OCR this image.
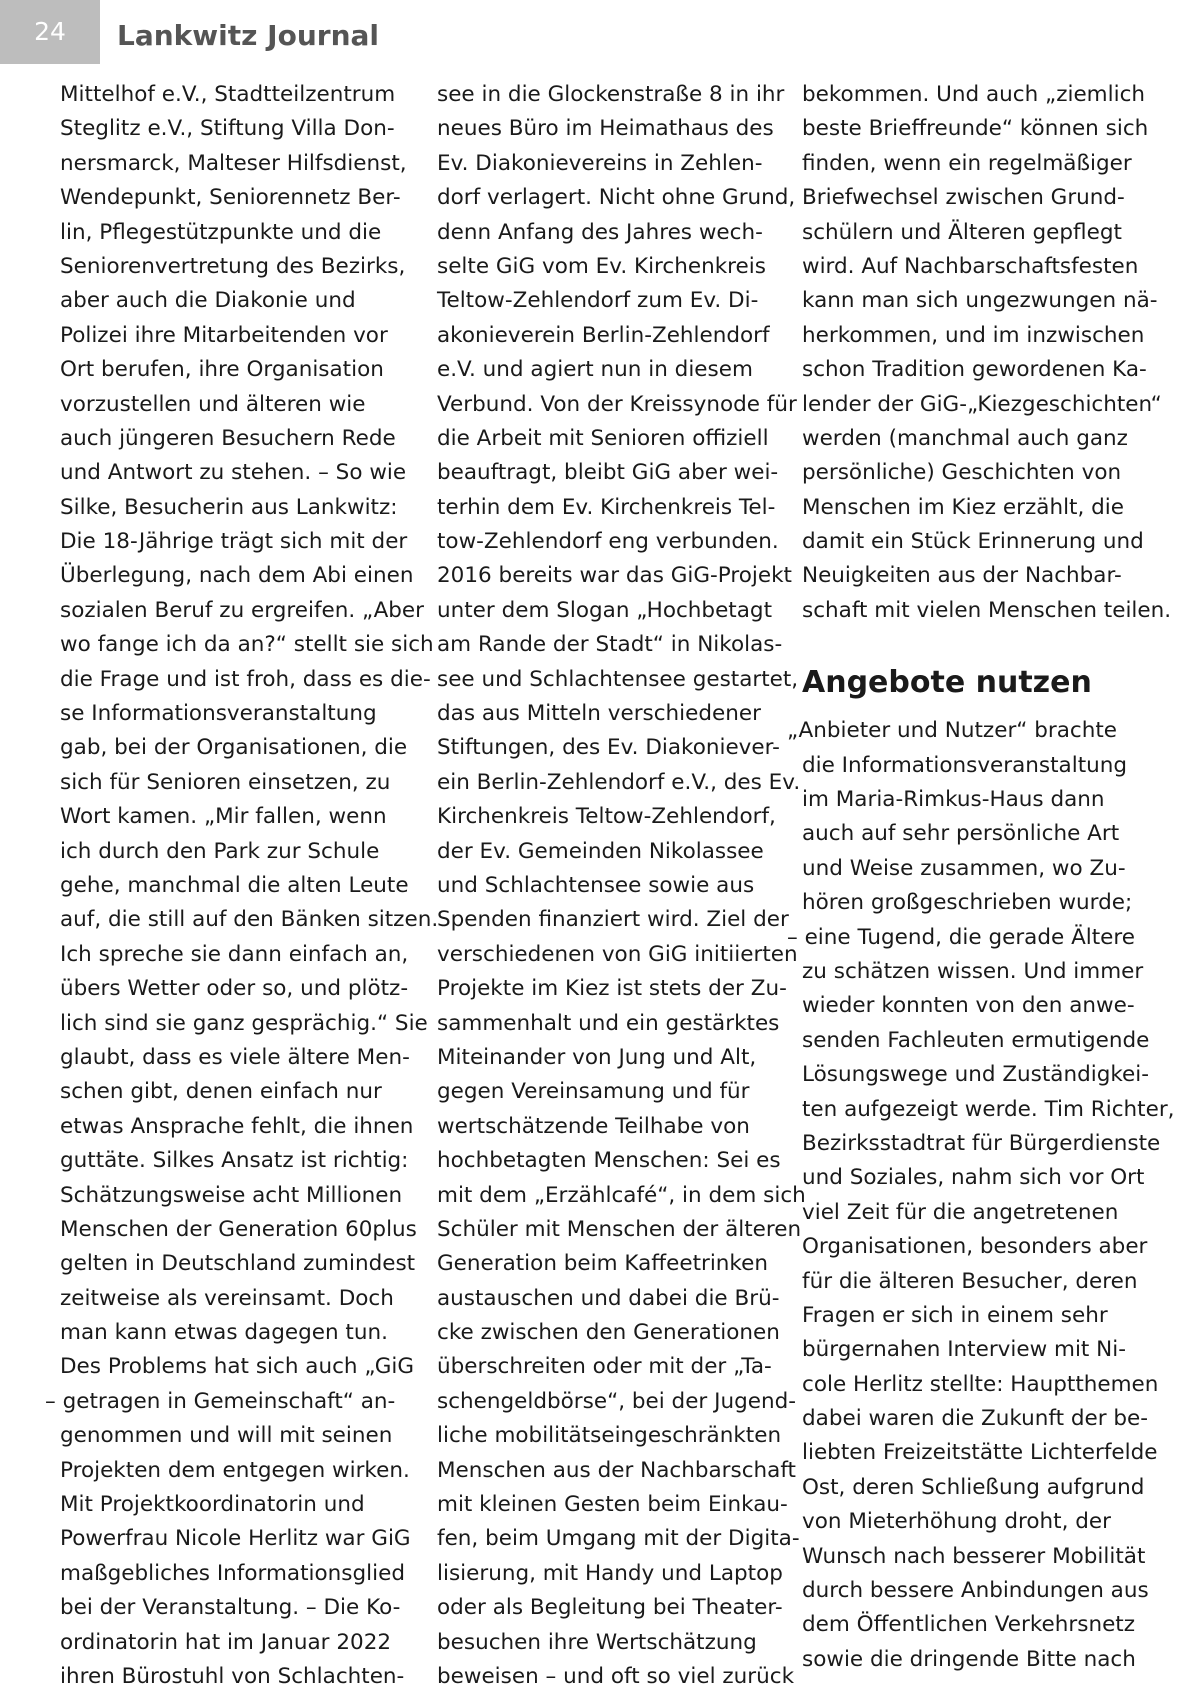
24	Lankwitz Journal
Mittelhof e.V., Stadtteilzentrum
Steglitz e.V., Stiftung Villa Don-
nersmarck, Malteser Hilfsdienst,
Wendepunkt, Seniorennetz Ber-
lin, Pflegestützpunkte und die
Seniorenvertretung des Bezirks,
aber auch die Diakonie und
Polizei ihre Mitarbeitenden vor
Ort berufen, ihre Organisation
vorzustellen und älteren wie
auch jüngeren Besuchern Rede
und Antwort zu stehen. – So wie
Silke, Besucherin aus Lankwitz:
Die 18-Jährige trägt sich mit der
Überlegung, nach dem Abi einen
sozialen Beruf zu ergreifen. „Aber
wo fange ich da an?“ stellt sie sich
die Frage und ist froh, dass es die-
se Informationsveranstaltung
gab, bei der Organisationen, die
sich für Senioren einsetzen, zu
Wort kamen. „Mir fallen, wenn
ich durch den Park zur Schule
gehe, manchmal die alten Leute
auf, die still auf den Bänken sitzen.
Ich spreche sie dann einfach an,
übers Wetter oder so, und plötz-
lich sind sie ganz gesprächig.“ Sie
glaubt, dass es viele ältere Men-
schen gibt, denen einfach nur
etwas Ansprache fehlt, die ihnen
guttäte. Silkes Ansatz ist richtig:
Schätzungsweise acht Millionen
Menschen der Generation 60plus
gelten in Deutschland zumindest
zeitweise als vereinsamt. Doch
man kann etwas dagegen tun.
Des Problems hat sich auch „GiG
– getragen in Gemeinschaft“ an-
genommen und will mit seinen
Projekten dem entgegen wirken.
Mit Projektkoordinatorin und
Powerfrau Nicole Herlitz war GiG
maßgebliches Informationsglied
bei der Veranstaltung. – Die Ko-
ordinatorin hat im Januar 2022
ihren Bürostuhl von Schlachten-
see in die Glockenstraße 8 in ihr
neues Büro im Heimathaus des
Ev. Diakonievereins in Zehlen-
dorf verlagert. Nicht ohne Grund,
denn Anfang des Jahres wech-
selte GiG vom Ev. Kirchenkreis
Teltow-Zehlendorf zum Ev. Di-
akonieverein Berlin-Zehlendorf
e.V. und agiert nun in diesem
Verbund. Von der Kreissynode für
die Arbeit mit Senioren offiziell
beauftragt, bleibt GiG aber wei-
terhin dem Ev. Kirchenkreis Tel-
tow-Zehlendorf eng verbunden.
2016 bereits war das GiG-Projekt
unter dem Slogan „Hochbetagt
am Rande der Stadt“ in Nikolas-
see und Schlachtensee gestartet,
das aus Mitteln verschiedener
Stiftungen, des Ev. Diakoniever-
ein Berlin-Zehlendorf e.V., des Ev.
Kirchenkreis Teltow-Zehlendorf,
der Ev. Gemeinden Nikolassee
und Schlachtensee sowie aus
Spenden finanziert wird. Ziel der
verschiedenen von GiG initiierten
Projekte im Kiez ist stets der Zu-
sammenhalt und ein gestärktes
Miteinander von Jung und Alt,
gegen Vereinsamung und für
wertschätzende Teilhabe von
hochbetagten Menschen: Sei es
mit dem „Erzählcafé“, in dem sich
Schüler mit Menschen der älteren
Generation beim Kaffeetrinken
austauschen und dabei die Brü-
cke zwischen den Generationen
überschreiten oder mit der „Ta-
schengeldbörse“, bei der Jugend-
liche mobilitätseingeschränkten
Menschen aus der Nachbarschaft
mit kleinen Gesten beim Einkau-
fen, beim Umgang mit der Digita-
lisierung, mit Handy und Laptop
oder als Begleitung bei Theater-
besuchen ihre Wertschätzung
beweisen – und oft so viel zurück
bekommen. Und auch „ziemlich
beste Brieffreunde“ können sich
finden, wenn ein regelmäßiger
Briefwechsel zwischen Grund-
schülern und Älteren gepflegt
wird. Auf Nachbarschaftsfesten
kann man sich ungezwungen nä-
herkommen, und im inzwischen
schon Tradition gewordenen Ka-
lender der GiG-„Kiezgeschichten“
werden (manchmal auch ganz
persönliche) Geschichten von
Menschen im Kiez erzählt, die
damit ein Stück Erinnerung und
Neuigkeiten aus der Nachbar-
schaft mit vielen Menschen teilen.
Angebote nutzen
„Anbieter und Nutzer“ brachte
die Informationsveranstaltung
im Maria-Rimkus-Haus dann
auch auf sehr persönliche Art
und Weise zusammen, wo Zu-
hören großgeschrieben wurde;
– eine Tugend, die gerade Ältere
zu schätzen wissen. Und immer
wieder konnten von den anwe-
senden Fachleuten ermutigende
Lösungswege und Zuständigkei-
ten aufgezeigt werde. Tim Richter,
Bezirksstadtrat für Bürgerdienste
und Soziales, nahm sich vor Ort
viel Zeit für die angetretenen
Organisationen, besonders aber
für die älteren Besucher, deren
Fragen er sich in einem sehr
bürgernahen Interview mit Ni-
cole Herlitz stellte: Hauptthemen
dabei waren die Zukunft der be-
liebten Freizeitstätte Lichterfelde
Ost, deren Schließung aufgrund
von Mieterhöhung droht, der
Wunsch nach besserer Mobilität
durch bessere Anbindungen aus
dem Öffentlichen Verkehrsnetz
sowie die dringende Bitte nach
